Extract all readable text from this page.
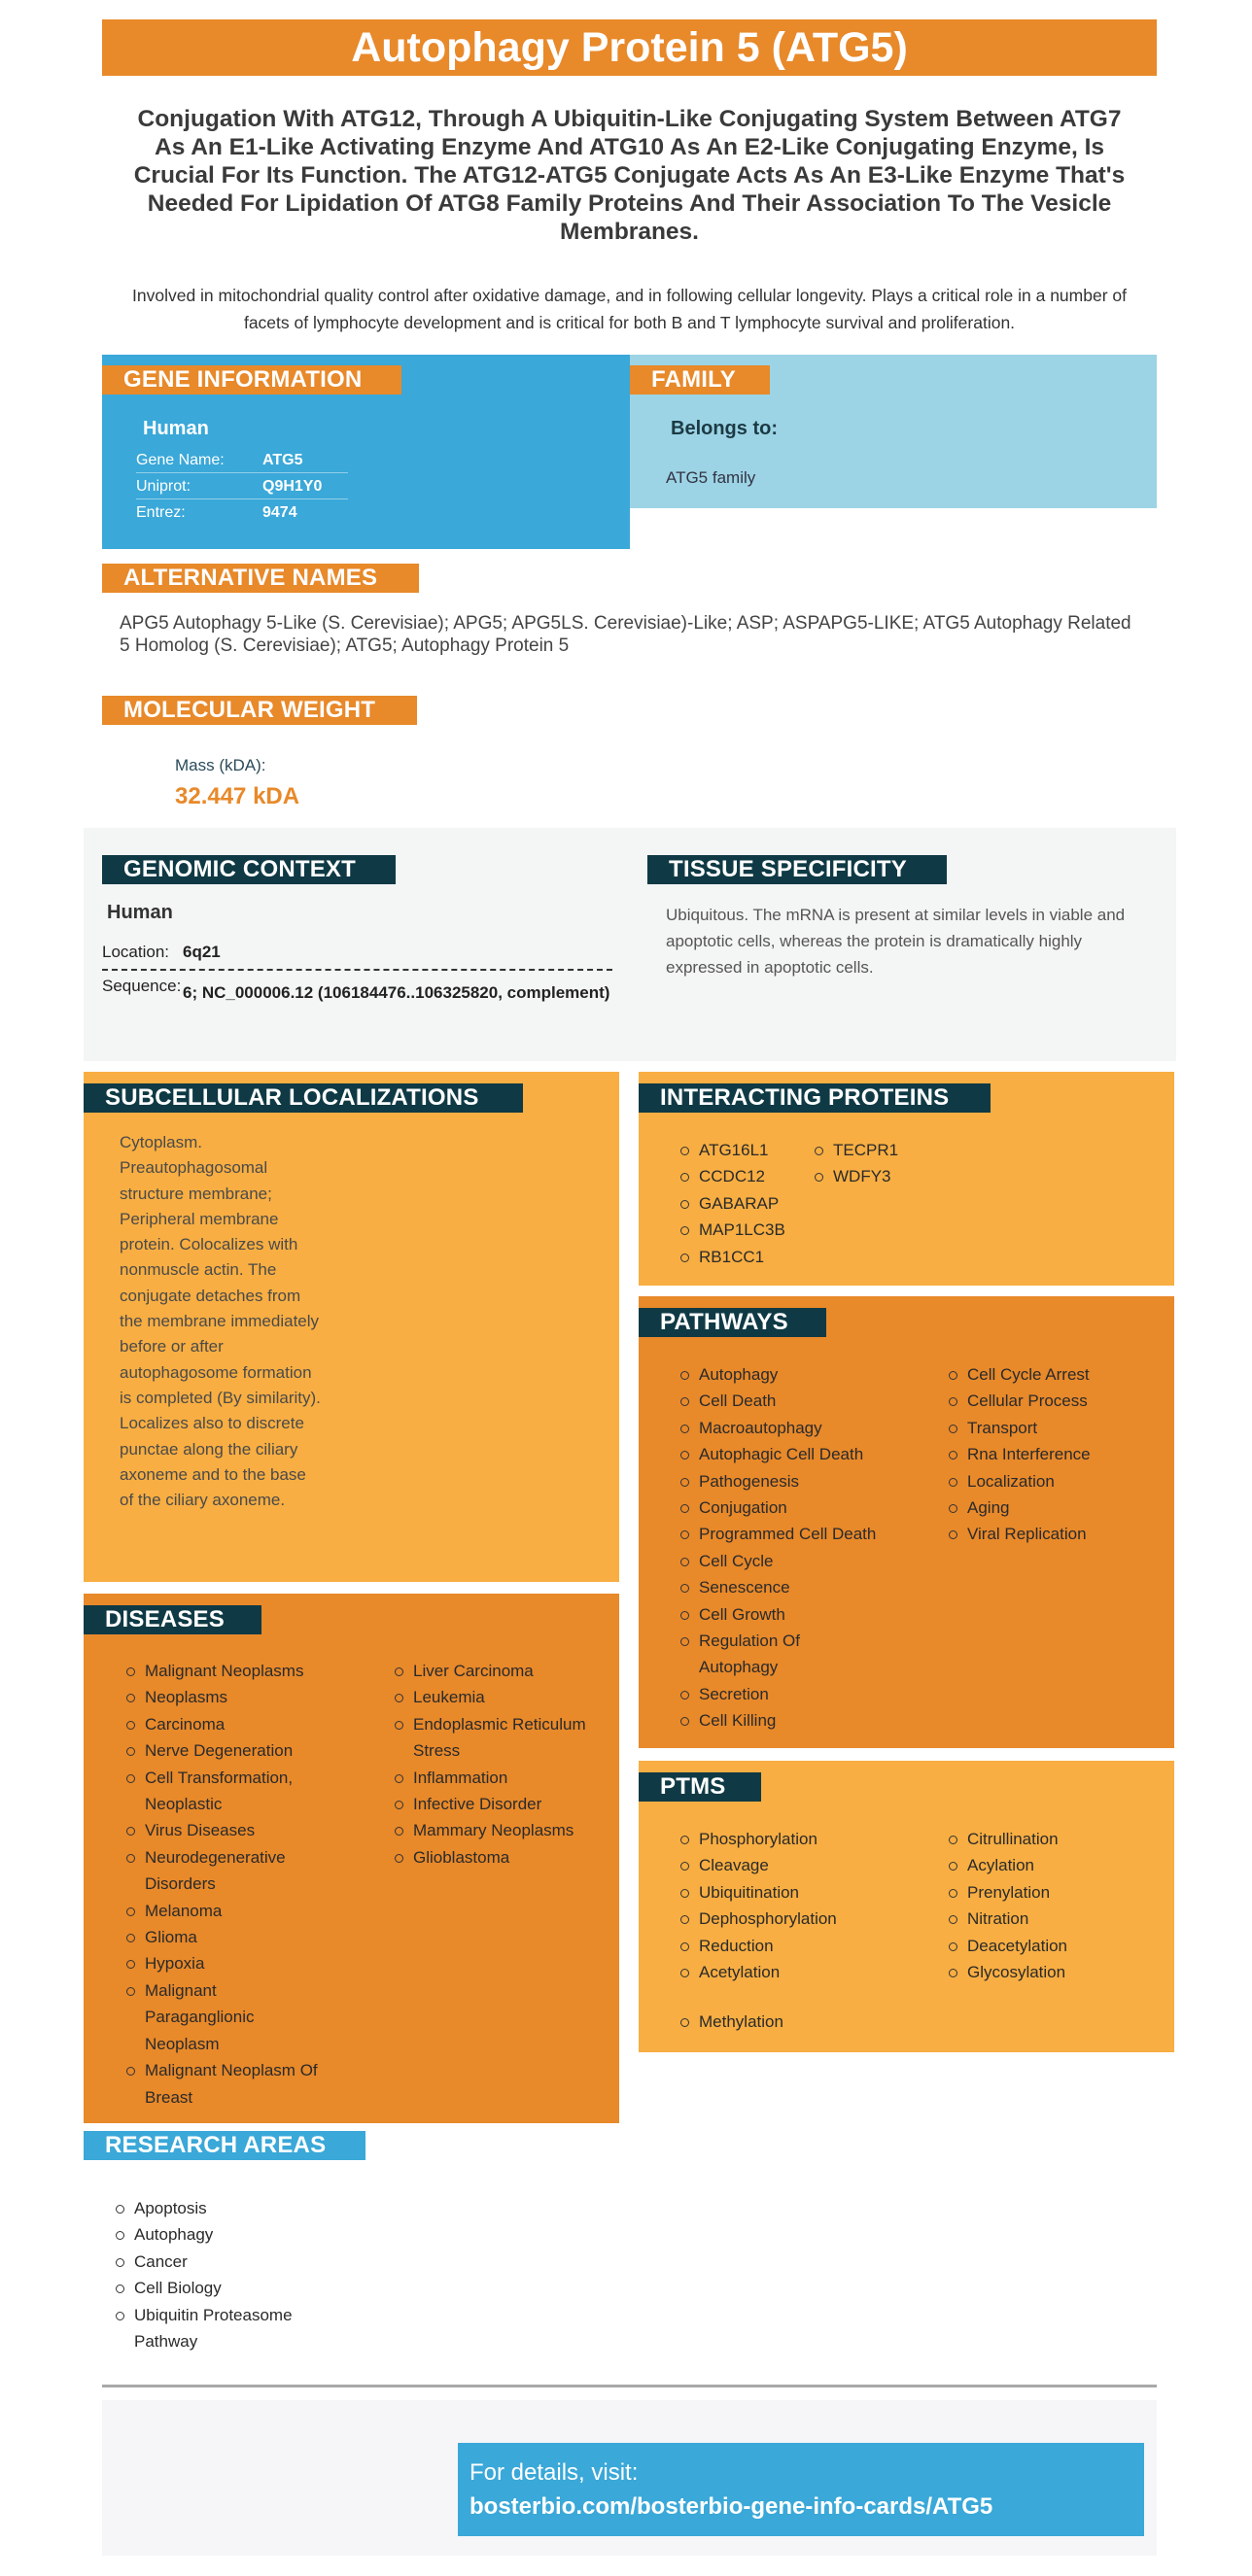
Autophagy Protein 5 (ATG5)
Conjugation With ATG12, Through A Ubiquitin-Like Conjugating System Between ATG7 As An E1-Like Activating Enzyme And ATG10 As An E2-Like Conjugating Enzyme, Is Crucial For Its Function. The ATG12-ATG5 Conjugate Acts As An E3-Like Enzyme That's Needed For Lipidation Of ATG8 Family Proteins And Their Association To The Vesicle Membranes.
Involved in mitochondrial quality control after oxidative damage, and in following cellular longevity. Plays a critical role in a number of facets of lymphocyte development and is critical for both B and T lymphocyte survival and proliferation.
GENE INFORMATION
Human
Gene Name:	ATG5
Uniprot:	Q9H1Y0
Entrez:	9474
FAMILY
Belongs to:
ATG5 family
ALTERNATIVE NAMES
APG5 Autophagy 5-Like (S. Cerevisiae); APG5; APG5LS. Cerevisiae)-Like; ASP; ASPAPG5-LIKE; ATG5 Autophagy Related 5 Homolog (S. Cerevisiae); ATG5; Autophagy Protein 5
MOLECULAR WEIGHT
Mass (kDA):
32.447 kDA
GENOMIC CONTEXT
Human
Location: 6q21
Sequence: 6; NC_000006.12 (106184476..106325820, complement)
TISSUE SPECIFICITY
Ubiquitous. The mRNA is present at similar levels in viable and apoptotic cells, whereas the protein is dramatically highly expressed in apoptotic cells.
SUBCELLULAR LOCALIZATIONS
Cytoplasm. Preautophagosomal structure membrane; Peripheral membrane protein. Colocalizes with nonmuscle actin. The conjugate detaches from the membrane immediately before or after autophagosome formation is completed (By similarity). Localizes also to discrete punctae along the ciliary axoneme and to the base of the ciliary axoneme.
INTERACTING PROTEINS
ATG16L1
CCDC12
GABARAP
MAP1LC3B
RB1CC1
TECPR1
WDFY3
PATHWAYS
Autophagy
Cell Death
Macroautophagy
Autophagic Cell Death
Pathogenesis
Conjugation
Programmed Cell Death
Cell Cycle
Senescence
Cell Growth
Regulation Of Autophagy
Secretion
Cell Killing
Cell Cycle Arrest
Cellular Process
Transport
Rna Interference
Localization
Aging
Viral Replication
DISEASES
Malignant Neoplasms
Neoplasms
Carcinoma
Nerve Degeneration
Cell Transformation, Neoplastic
Virus Diseases
Neurodegenerative Disorders
Melanoma
Glioma
Hypoxia
Malignant Paraganglionic Neoplasm
Malignant Neoplasm Of Breast
Liver Carcinoma
Leukemia
Endoplasmic Reticulum Stress
Inflammation
Infective Disorder
Mammary Neoplasms
Glioblastoma
PTMS
Phosphorylation
Cleavage
Ubiquitination
Dephosphorylation
Reduction
Acetylation
Methylation
Citrullination
Acylation
Prenylation
Nitration
Deacetylation
Glycosylation
RESEARCH AREAS
Apoptosis
Autophagy
Cancer
Cell Biology
Ubiquitin Proteasome Pathway
For details, visit:
bosterbio.com/bosterbio-gene-info-cards/ATG5
